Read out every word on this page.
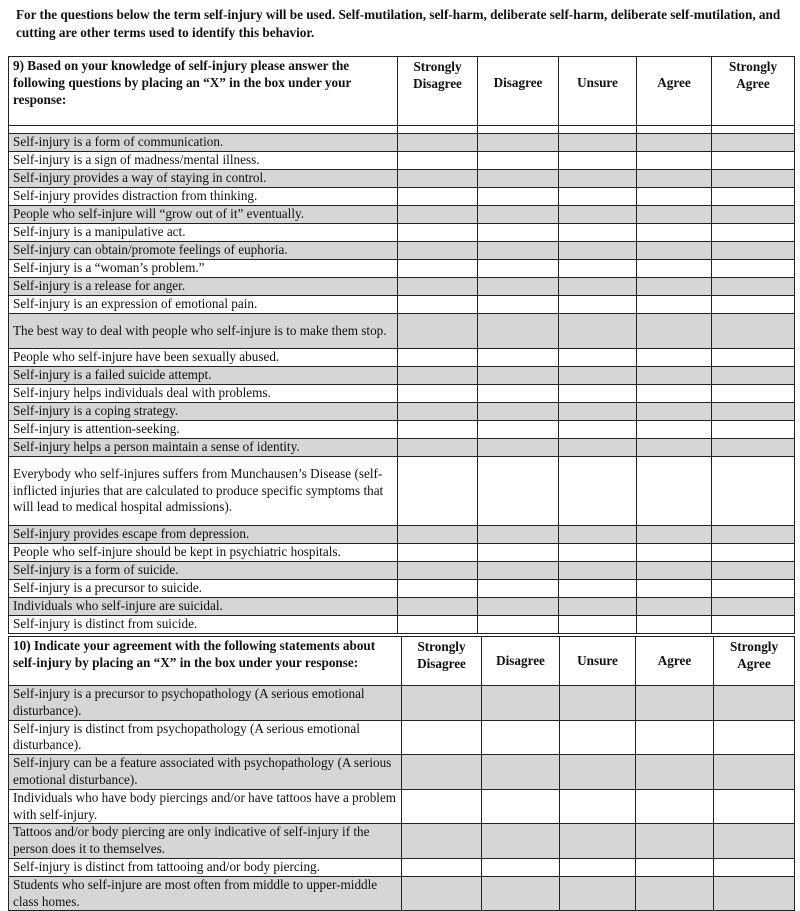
For the questions below the term self-injury will be used. Self-mutilation, self-harm, deliberate self-harm, deliberate self-mutilation, and cutting are other terms used to identify this behavior.
9) Based on your knowledge of self-injury please answer the following questions by placing an “X” in the box under your response:	Strongly Disagree	Disagree	Unsure	Agree	Strongly Agree

Self-injury is a form of communication.					
Self-injury is a sign of madness/mental illness.					
Self-injury provides a way of staying in control.					
Self-injury provides distraction from thinking.					
People who self-injure will “grow out of it” eventually.					
Self-injury is a manipulative act.					
Self-injury can obtain/promote feelings of euphoria.					
Self-injury is a “woman’s problem.”					
Self-injury is a release for anger.					
Self-injury is an expression of emotional pain.					
The best way to deal with people who self-injure is to make them stop.					
People who self-injure have been sexually abused.					
Self-injury is a failed suicide attempt.					
Self-injury helps individuals deal with problems.					
Self-injury is a coping strategy.					
Self-injury is attention-seeking.					
Self-injury helps a person maintain a sense of identity.					
Everybody who self-injures suffers from Munchausen’s Disease (self-inflicted injuries that are calculated to produce specific symptoms that will lead to medical hospital admissions).					
Self-injury provides escape from depression.					
People who self-injure should be kept in psychiatric hospitals.					
Self-injury is a form of suicide.					
Self-injury is a precursor to suicide.					
Individuals who self-injure are suicidal.					
Self-injury is distinct from suicide.					
10) Indicate your agreement with the following statements about self-injury by placing an “X” in the box under your response:	Strongly Disagree	Disagree	Unsure	Agree	Strongly Agree
Self-injury is a precursor to psychopathology (A serious emotional disturbance).					
Self-injury is distinct from psychopathology (A serious emotional disturbance).					
Self-injury can be a feature associated with psychopathology (A serious emotional disturbance).					
Individuals who have body piercings and/or have tattoos have a problem with self-injury.					
Tattoos and/or body piercing are only indicative of self-injury if the person does it to themselves.					
Self-injury is distinct from tattooing and/or body piercing.					
Students who self-injure are most often from middle to upper-middle class homes.					
